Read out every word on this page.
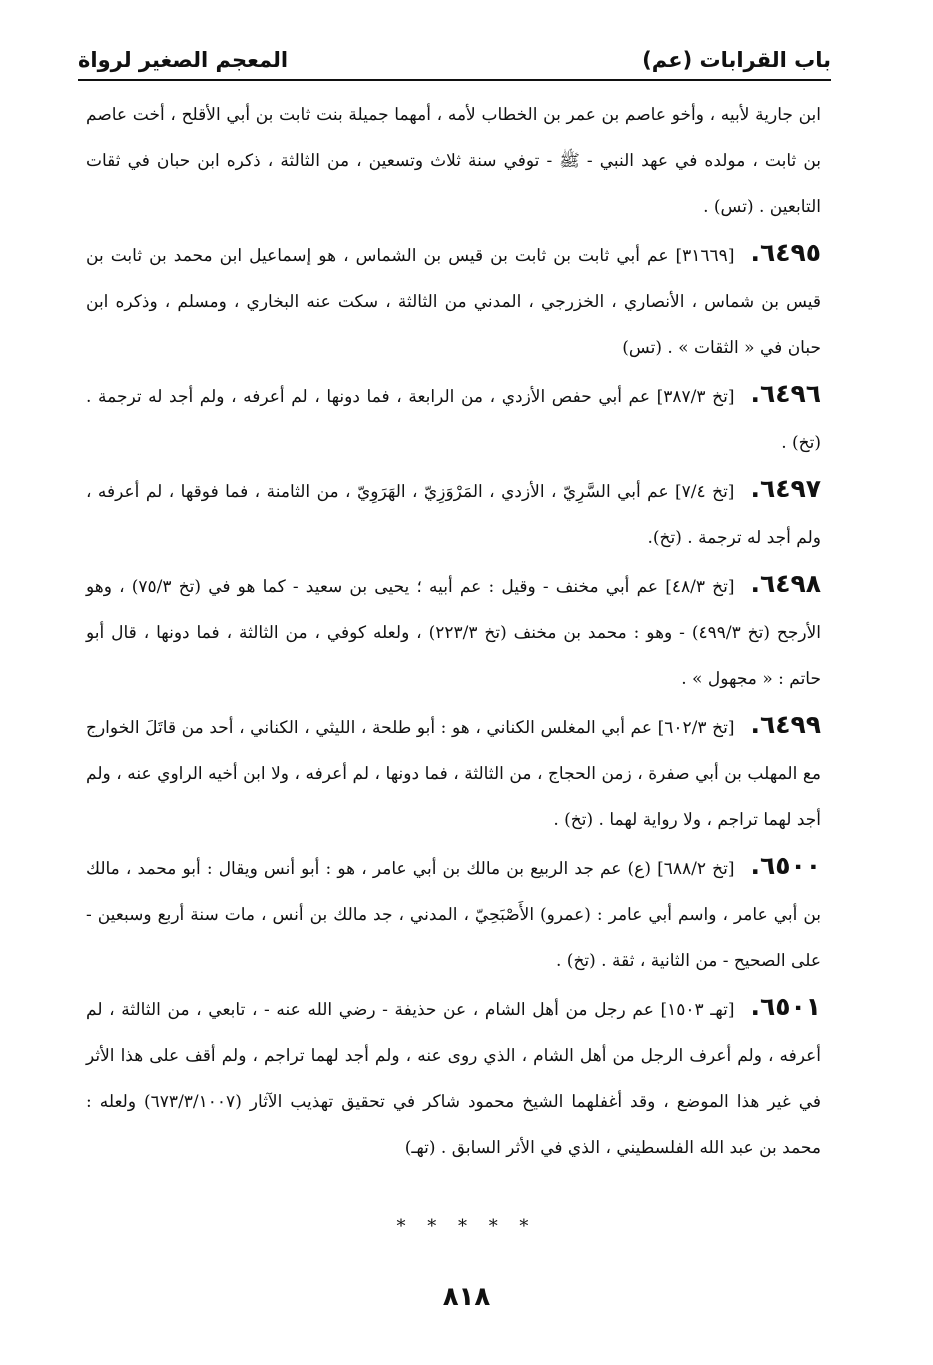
باب القرابات (عم)
المعجم الصغير لرواة

ابن جارية لأبيه ، وأخو عاصم بن عمر بن الخطاب لأمه ، أمهما جميلة بنت ثابت بن أبي الأقلح ، أخت عاصم بن ثابت ، مولده في عهد النبي - ﷺ - توفي سنة ثلاث وتسعين ، من الثالثة ، ذكره ابن حبان في ثقات التابعين . (تس) .

٦٤٩٥.[٣١٦٦٩] عم أبي ثابت بن ثابت بن قيس بن الشماس ، هو إسماعيل ابن محمد بن ثابت بن قيس بن شماس ، الأنصاري ، الخزرجي ، المدني من الثالثة ، سكت عنه البخاري ، ومسلم ، وذكره ابن حبان في « الثقات » . (تس)

٦٤٩٦.[تخ ٣٨٧/٣] عم أبي حفص الأزدي ، من الرابعة ، فما دونها ، لم أعرفه ، ولم أجد له ترجمة . (تخ) .

٦٤٩٧.[تخ ٧/٤] عم أبي السَّرِيّ ، الأزدي ، المَرْوَزِيّ ، الهَرَوِيّ ، من الثامنة ، فما فوقها ، لم أعرفه ، ولم أجد له ترجمة . (تخ).

٦٤٩٨.[تخ ٤٨/٣] عم أبي مخنف - وقيل : عم أبيه ؛ يحيى بن سعيد - كما هو في (تخ ٧٥/٣) ، وهو الأرجح (تخ ٤٩٩/٣) - وهو : محمد بن مخنف (تخ ٢٢٣/٣) ، ولعله كوفي ، من الثالثة ، فما دونها ، قال أبو حاتم : « مجهول » .

٦٤٩٩.[تخ ٦٠٢/٣] عم أبي المغلس الكناني ، هو : أبو طلحة ، الليثي ، الكناني ، أحد من قاتَلَ الخوارج مع المهلب بن أبي صفرة ، زمن الحجاج ، من الثالثة ، فما دونها ، لم أعرفه ، ولا ابن أخيه الراوي عنه ، ولم أجد لهما تراجم ، ولا رواية لهما . (تخ) .

٦٥٠٠.[تخ ٦٨٨/٢] (ع) عم جد الربيع بن مالك بن أبي عامر ، هو : أبو أنس ويقال : أبو محمد ، مالك بن أبي عامر ، واسم أبي عامر : (عمرو) الأَصْبَحِيّ ، المدني ، جد مالك بن أنس ، مات سنة أربع وسبعين - على الصحيح - من الثانية ، ثقة . (تخ) .

٦٥٠١.[تهـ ١٥٠٣] عم رجل من أهل الشام ، عن حذيفة - رضي الله عنه - ، تابعي ، من الثالثة ، لم أعرفه ، ولم أعرف الرجل من أهل الشام ، الذي روى عنه ، ولم أجد لهما تراجم ، ولم أقف على هذا الأثر في غير هذا الموضع ، وقد أغفلهما الشيخ محمود شاكر في تحقيق تهذيب الآثار (٦٧٣/٣/١٠٠٧) ولعله : محمد بن عبد الله الفلسطيني ، الذي في الأثر السابق . (تهـ)

* * * * *
٨١٨
